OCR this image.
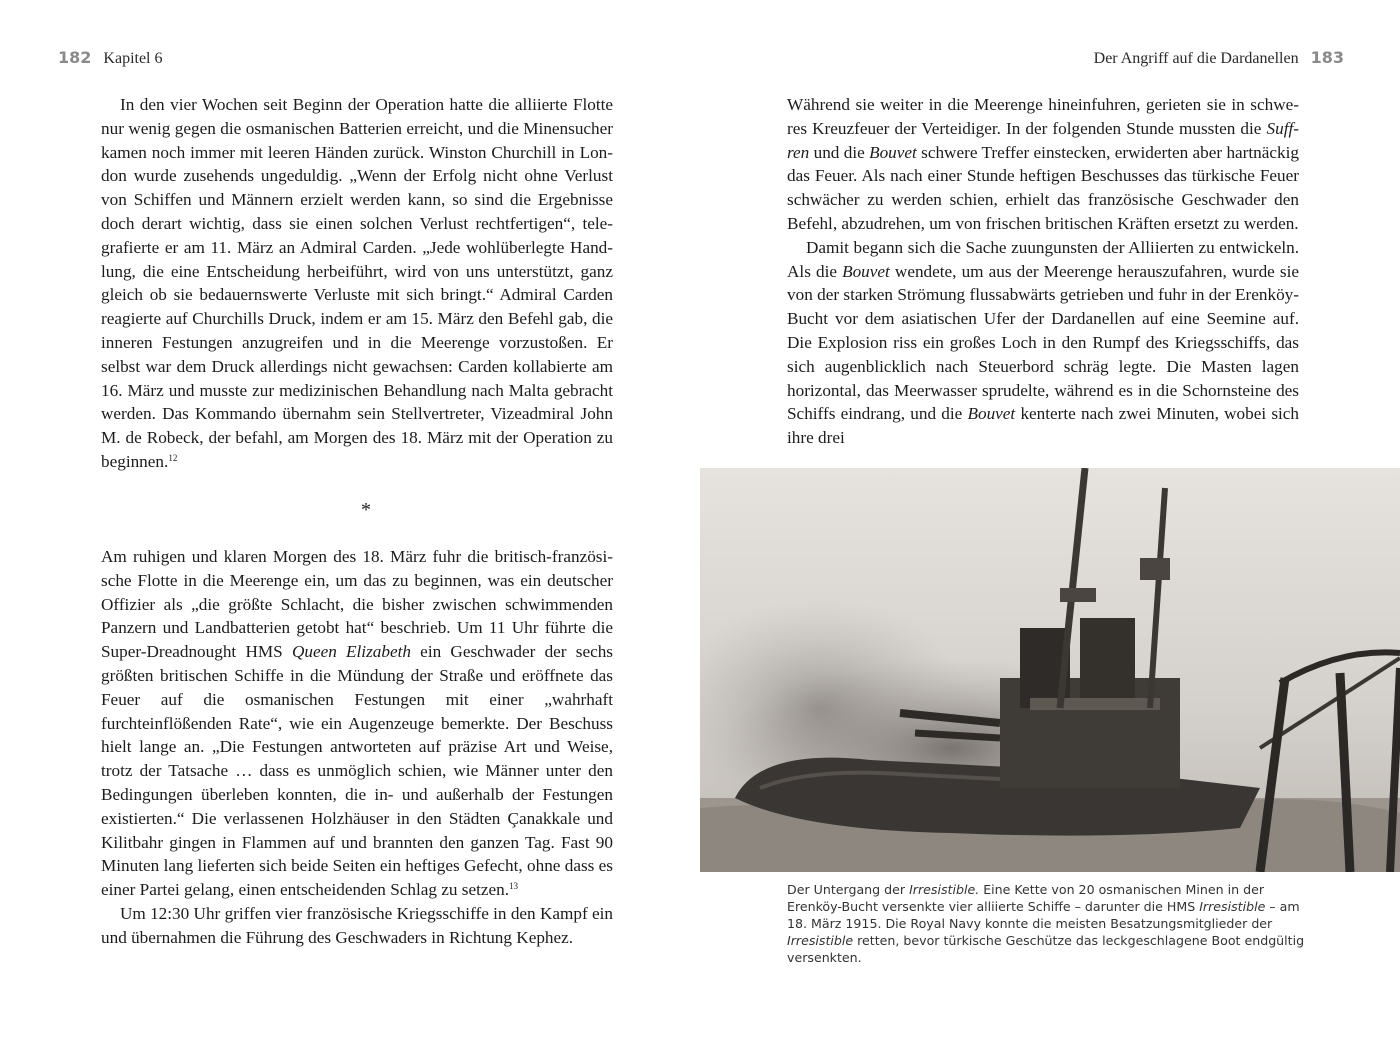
182 Kapitel 6	Der Angriff auf die Dardanellen 183

In den vier Wochen seit Beginn der Operation hatte die alliierte Flotte nur wenig gegen die osmanischen Batterien erreicht, und die Minensucher kamen noch immer mit leeren Händen zurück. Winston Churchill in London wurde zusehends ungeduldig. „Wenn der Erfolg nicht ohne Verlust von Schiffen und Männern erzielt werden kann, so sind die Ergebnisse doch derart wichtig, dass sie einen solchen Verlust rechtfertigen“, telegrafierte er am 11. März an Admiral Carden. „Jede wohlüberlegte Handlung, die eine Entscheidung herbeiführt, wird von uns unterstützt, ganz gleich ob sie bedauernswerte Verluste mit sich bringt.“ Admiral Carden reagierte auf Churchills Druck, indem er am 15. März den Befehl gab, die inneren Festungen anzugreifen und in die Meerenge vorzustoßen. Er selbst war dem Druck allerdings nicht gewachsen: Carden kollabierte am 16. März und musste zur medizinischen Behandlung nach Malta gebracht werden. Das Kommando übernahm sein Stellvertreter, Vizeadmiral John M. de Robeck, der befahl, am Morgen des 18. März mit der Operation zu beginnen.$^{12}$

*

Am ruhigen und klaren Morgen des 18. März fuhr die britisch-französische Flotte in die Meerenge ein, um das zu beginnen, was ein deutscher Offizier als „die größte Schlacht, die bisher zwischen schwimmenden Panzern und Landbatterien getobt hat“ beschrieb. Um 11 Uhr führte die Super-Dreadnought HMS Queen Elizabeth ein Geschwader der sechs größten britischen Schiffe in die Mündung der Straße und eröffnete das Feuer auf die osmanischen Festungen mit einer „wahrhaft furchteinflößenden Rate“, wie ein Augenzeuge bemerkte. Der Beschuss hielt lange an. „Die Festungen antworteten auf präzise Art und Weise, trotz der Tatsache … dass es unmöglich schien, wie Männer unter den Bedingungen überleben konnten, die in- und außerhalb der Festungen existierten.“ Die verlassenen Holzhäuser in den Städten Çanakkale und Kilitbahr gingen in Flammen auf und brannten den ganzen Tag. Fast 90 Minuten lang lieferten sich beide Seiten ein heftiges Gefecht, ohne dass es einer Partei gelang, einen entscheidenden Schlag zu setzen.$^{13}$

Um 12:30 Uhr griffen vier französische Kriegsschiffe in den Kampf ein und übernahmen die Führung des Geschwaders in Richtung Kephez.

Während sie weiter in die Meerenge hineinfuhren, gerieten sie in schweres Kreuzfeuer der Verteidiger. In der folgenden Stunde mussten die Suffren und die Bouvet schwere Treffer einstecken, erwiderten aber hartnäckig das Feuer. Als nach einer Stunde heftigen Beschusses das türkische Feuer schwächer zu werden schien, erhielt das französische Geschwader den Befehl, abzudrehen, um von frischen britischen Kräften ersetzt zu werden.

Damit begann sich die Sache zuungunsten der Alliierten zu entwickeln. Als die Bouvet wendete, um aus der Meerenge herauszufahren, wurde sie von der starken Strömung flussabwärts getrieben und fuhr in der Erenköy-Bucht vor dem asiatischen Ufer der Dardanellen auf eine Seemine auf. Die Explosion riss ein großes Loch in den Rumpf des Kriegsschiffs, das sich augenblicklich nach Steuerbord schräg legte. Die Masten lagen horizontal, das Meerwasser sprudelte, während es in die Schornsteine des Schiffs eindrang, und die Bouvet kenterte nach zwei Minuten, wobei sich ihre drei

Der Untergang der Irresistible. Eine Kette von 20 osmanischen Minen in der Erenköy-Bucht versenkte vier alliierte Schiffe – darunter die HMS Irresistible – am 18. März 1915. Die Royal Navy konnte die meisten Besatzungsmitglieder der Irresistible retten, bevor türkische Geschütze das leckgeschlagene Boot endgültig versenkten.
